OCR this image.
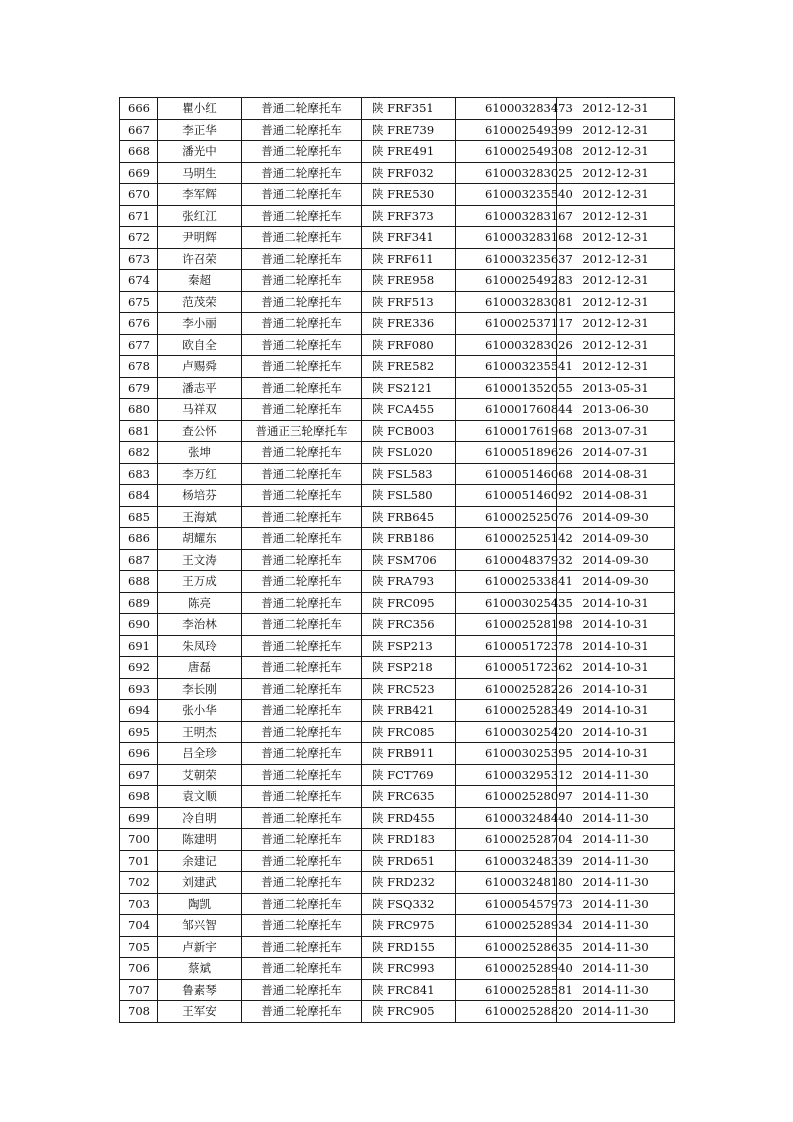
666	瞿小红	普通二轮摩托车	陕 FRF351	610003283473	2012-12-31
667	李正华	普通二轮摩托车	陕 FRE739	610002549399	2012-12-31
668	潘光中	普通二轮摩托车	陕 FRE491	610002549308	2012-12-31
669	马明生	普通二轮摩托车	陕 FRF032	610003283025	2012-12-31
670	李军辉	普通二轮摩托车	陕 FRE530	610003235540	2012-12-31
671	张红江	普通二轮摩托车	陕 FRF373	610003283167	2012-12-31
672	尹明辉	普通二轮摩托车	陕 FRF341	610003283168	2012-12-31
673	许召荣	普通二轮摩托车	陕 FRF611	610003235637	2012-12-31
674	秦超	普通二轮摩托车	陕 FRE958	610002549283	2012-12-31
675	范茂荣	普通二轮摩托车	陕 FRF513	610003283081	2012-12-31
676	李小丽	普通二轮摩托车	陕 FRE336	610002537117	2012-12-31
677	欧自全	普通二轮摩托车	陕 FRF080	610003283026	2012-12-31
678	卢赐舜	普通二轮摩托车	陕 FRE582	610003235541	2012-12-31
679	潘志平	普通二轮摩托车	陕 FS2121	610001352055	2013-05-31
680	马祥双	普通二轮摩托车	陕 FCA455	610001760844	2013-06-30
681	查公怀	普通正三轮摩托车	陕 FCB003	610001761968	2013-07-31
682	张坤	普通二轮摩托车	陕 FSL020	610005189626	2014-07-31
683	李万红	普通二轮摩托车	陕 FSL583	610005146068	2014-08-31
684	杨培芬	普通二轮摩托车	陕 FSL580	610005146092	2014-08-31
685	王海斌	普通二轮摩托车	陕 FRB645	610002525076	2014-09-30
686	胡耀东	普通二轮摩托车	陕 FRB186	610002525142	2014-09-30
687	王文涛	普通二轮摩托车	陕 FSM706	610004837932	2014-09-30
688	王万成	普通二轮摩托车	陕 FRA793	610002533841	2014-09-30
689	陈亮	普通二轮摩托车	陕 FRC095	610003025435	2014-10-31
690	李治林	普通二轮摩托车	陕 FRC356	610002528198	2014-10-31
691	朱凤玲	普通二轮摩托车	陕 FSP213	610005172378	2014-10-31
692	唐磊	普通二轮摩托车	陕 FSP218	610005172362	2014-10-31
693	李长刚	普通二轮摩托车	陕 FRC523	610002528226	2014-10-31
694	张小华	普通二轮摩托车	陕 FRB421	610002528349	2014-10-31
695	王明杰	普通二轮摩托车	陕 FRC085	610003025420	2014-10-31
696	吕全珍	普通二轮摩托车	陕 FRB911	610003025395	2014-10-31
697	艾朝荣	普通二轮摩托车	陕 FCT769	610003295312	2014-11-30
698	袁文顺	普通二轮摩托车	陕 FRC635	610002528097	2014-11-30
699	冷自明	普通二轮摩托车	陕 FRD455	610003248440	2014-11-30
700	陈建明	普通二轮摩托车	陕 FRD183	610002528704	2014-11-30
701	余建记	普通二轮摩托车	陕 FRD651	610003248339	2014-11-30
702	刘建武	普通二轮摩托车	陕 FRD232	610003248180	2014-11-30
703	陶凯	普通二轮摩托车	陕 FSQ332	610005457973	2014-11-30
704	邹兴智	普通二轮摩托车	陕 FRC975	610002528934	2014-11-30
705	卢新宇	普通二轮摩托车	陕 FRD155	610002528635	2014-11-30
706	蔡斌	普通二轮摩托车	陕 FRC993	610002528940	2014-11-30
707	鲁素琴	普通二轮摩托车	陕 FRC841	610002528581	2014-11-30
708	王军安	普通二轮摩托车	陕 FRC905	610002528820	2014-11-30
